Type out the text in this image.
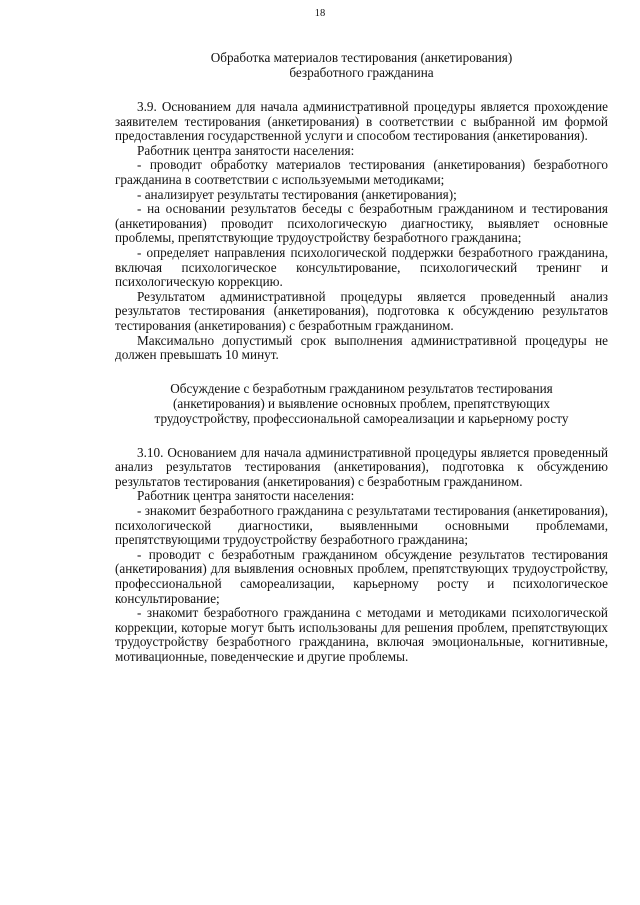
18
Обработка материалов тестирования (анкетирования)
безработного гражданина

3.9. Основанием для начала административной процедуры является прохождение заявителем тестирования (анкетирования) в соответствии с выбранной им формой предоставления государственной услуги и способом тестирования (анкетирования).

Работник центра занятости населения:

- проводит обработку материалов тестирования (анкетирования) безработного гражданина в соответствии с используемыми методиками;

- анализирует результаты тестирования (анкетирования);

- на основании результатов беседы с безработным гражданином и тестирования (анкетирования) проводит психологическую диагностику, выявляет основные проблемы, препятствующие трудоустройству безработного гражданина;

- определяет направления психологической поддержки безработного гражданина, включая психологическое консультирование, психологический тренинг и психологическую коррекцию.

Результатом административной процедуры является проведенный анализ результатов тестирования (анкетирования), подготовка к обсуждению результатов тестирования (анкетирования) с безработным гражданином.

Максимально допустимый срок выполнения административной процедуры не должен превышать 10 минут.

Обсуждение с безработным гражданином результатов тестирования
(анкетирования) и выявление основных проблем, препятствующих
трудоустройству, профессиональной самореализации и карьерному росту

3.10. Основанием для начала административной процедуры является проведенный анализ результатов тестирования (анкетирования), подготовка к обсуждению результатов тестирования (анкетирования) с безработным гражданином.

Работник центра занятости населения:

- знакомит безработного гражданина с результатами тестирования (анкетирования), психологической диагностики, выявленными основными проблемами, препятствующими трудоустройству безработного гражданина;

- проводит с безработным гражданином обсуждение результатов тестирования (анкетирования) для выявления основных проблем, препятствующих трудоустройству, профессиональной самореализации, карьерному росту и психологическое консультирование;

- знакомит безработного гражданина с методами и методиками психологической коррекции, которые могут быть использованы для решения проблем, препятствующих трудоустройству безработного гражданина, включая эмоциональные, когнитивные, мотивационные, поведенческие и другие проблемы.
